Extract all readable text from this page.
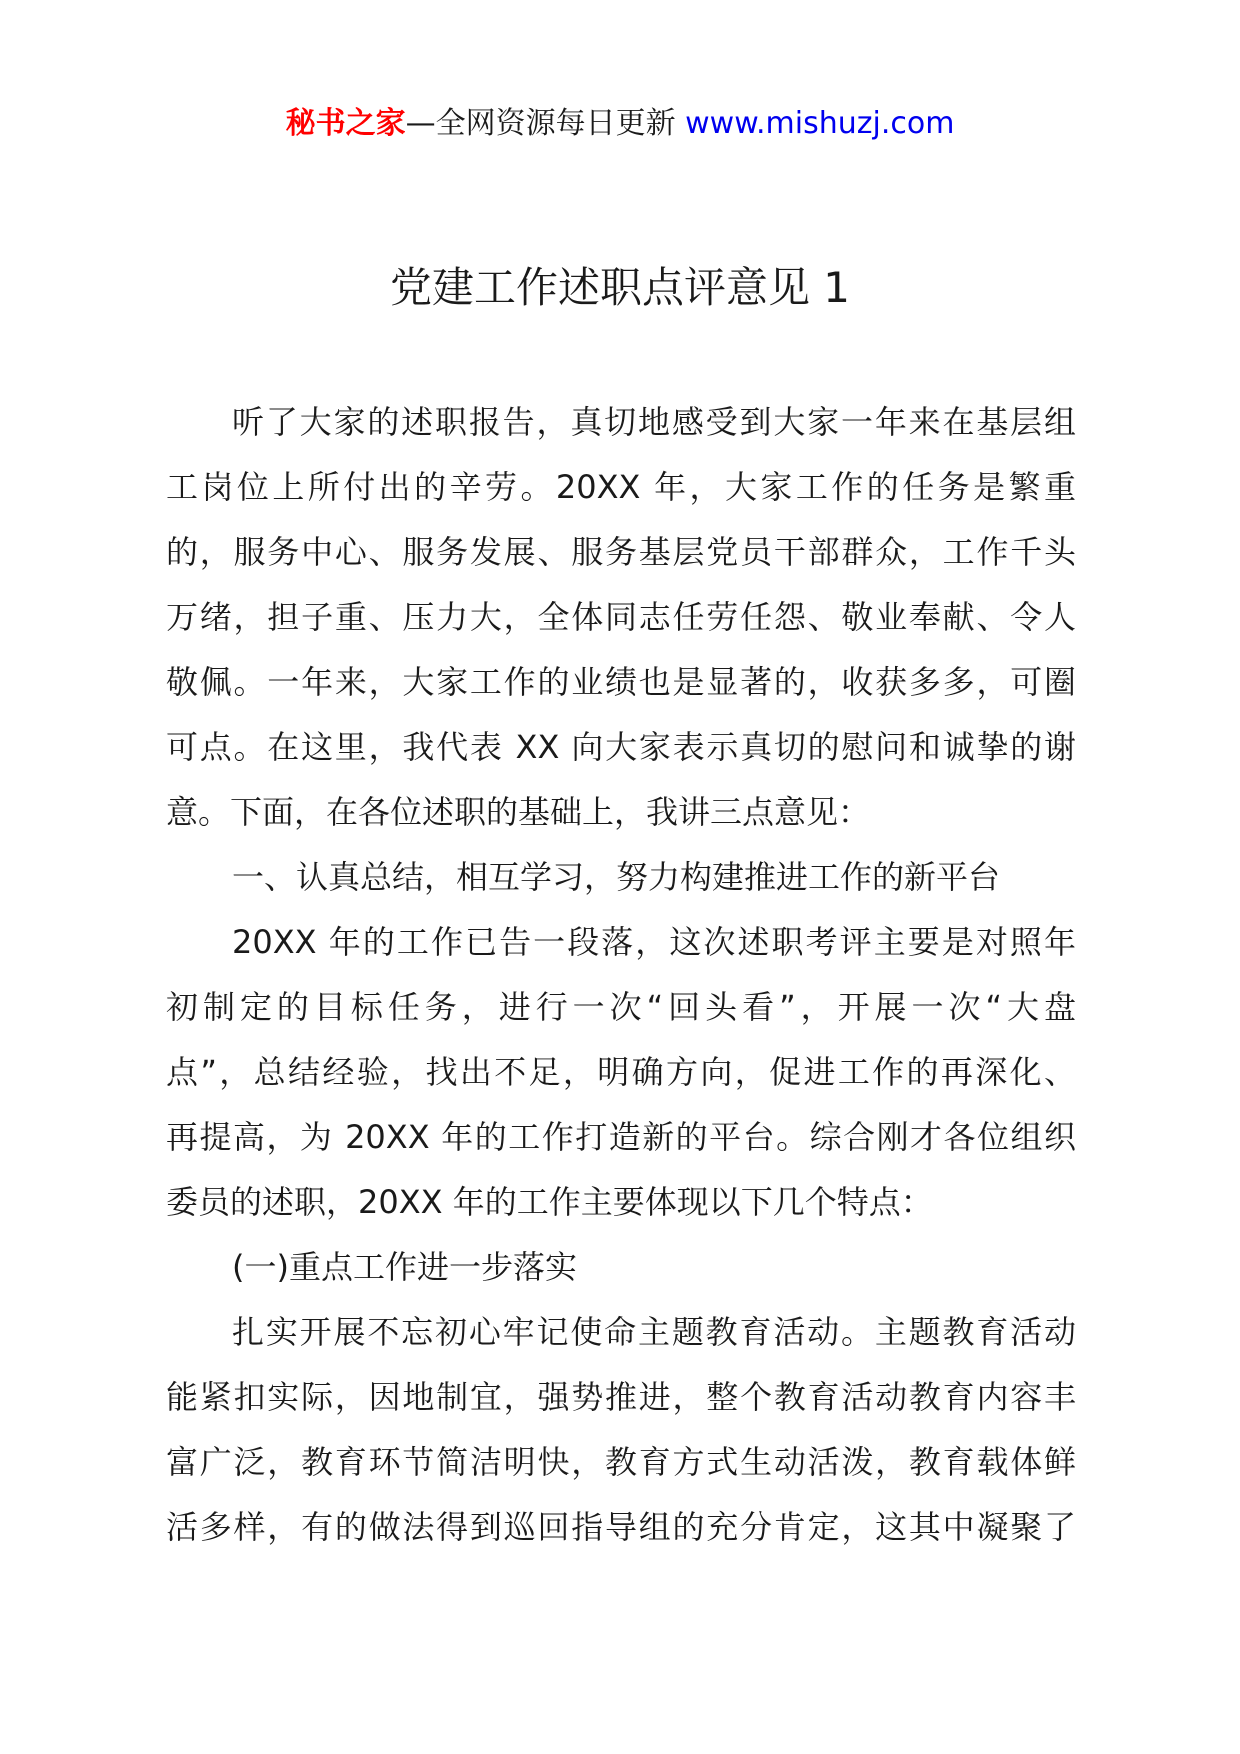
秘书之家—全网资源每日更新 www.mishuzj.com
党建工作述职点评意见 1
听了大家的述职报告，真切地感受到大家一年来在基层组
工岗位上所付出的辛劳。20XX 年，大家工作的任务是繁重
的，服务中心、服务发展、服务基层党员干部群众，工作千头
万绪，担子重、压力大，全体同志任劳任怨、敬业奉献、令人
敬佩。一年来，大家工作的业绩也是显著的，收获多多，可圈
可点。在这里，我代表 XX 向大家表示真切的慰问和诚挚的谢
意。下面，在各位述职的基础上，我讲三点意见：
一、认真总结，相互学习，努力构建推进工作的新平台
20XX 年的工作已告一段落，这次述职考评主要是对照年
初制定的目标任务，进行一次“回头看”，开展一次“大盘
点”，总结经验，找出不足，明确方向，促进工作的再深化、
再提高，为 20XX 年的工作打造新的平台。综合刚才各位组织
委员的述职，20XX 年的工作主要体现以下几个特点：
(一)重点工作进一步落实
扎实开展不忘初心牢记使命主题教育活动。主题教育活动
能紧扣实际，因地制宜，强势推进，整个教育活动教育内容丰
富广泛，教育环节简洁明快，教育方式生动活泼，教育载体鲜
活多样，有的做法得到巡回指导组的充分肯定，这其中凝聚了
